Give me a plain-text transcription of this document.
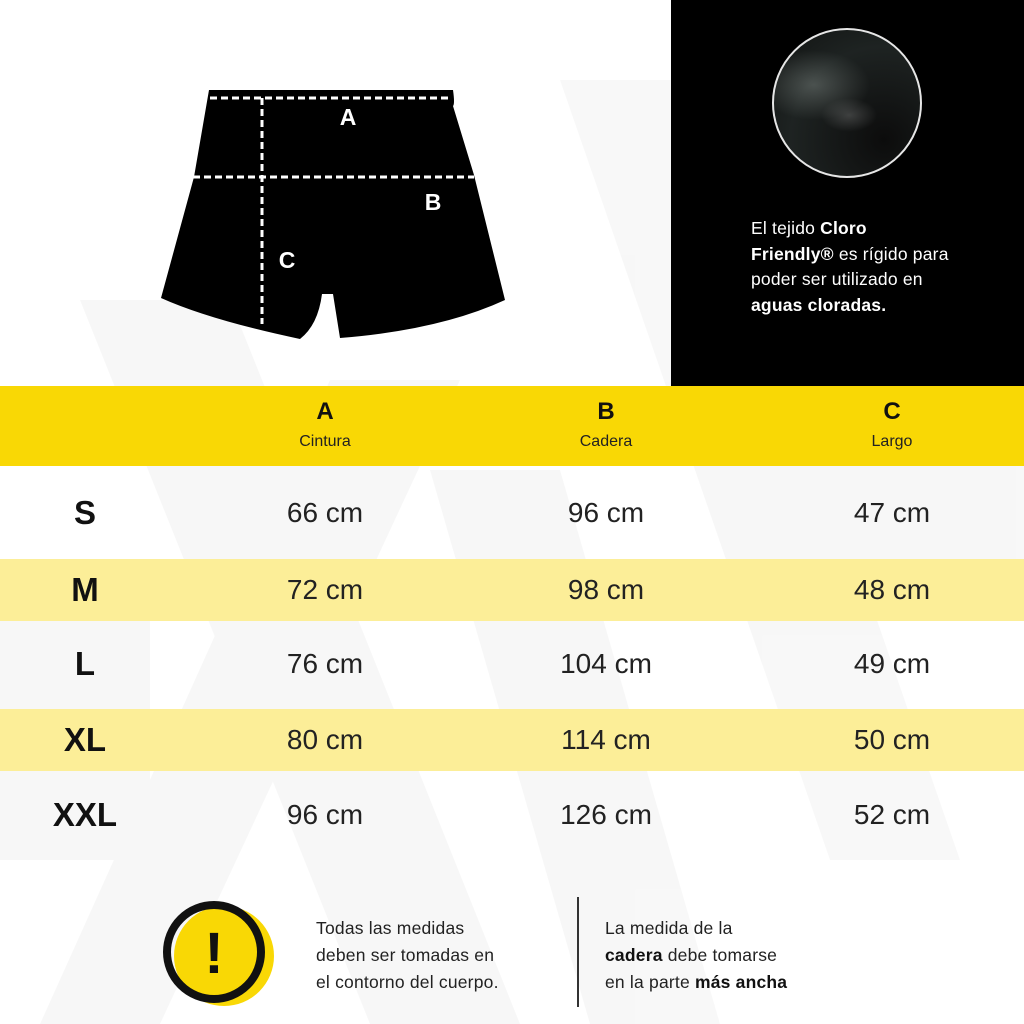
A
B
C
El tejido Cloro
Friendly® es rígido para
poder ser utilizado en
aguas cloradas.
A
Cintura
B
Cadera
C
Largo
S	66 cm	96 cm	47 cm
M	72 cm	98 cm	48 cm
L	76 cm	104 cm	49 cm
XL	80 cm	114 cm	50 cm
XXL	96 cm	126 cm	52 cm
!	Todas las medidas
deben ser tomadas en
el contorno del cuerpo.
La medida de la
cadera debe tomarse
en la parte más ancha
